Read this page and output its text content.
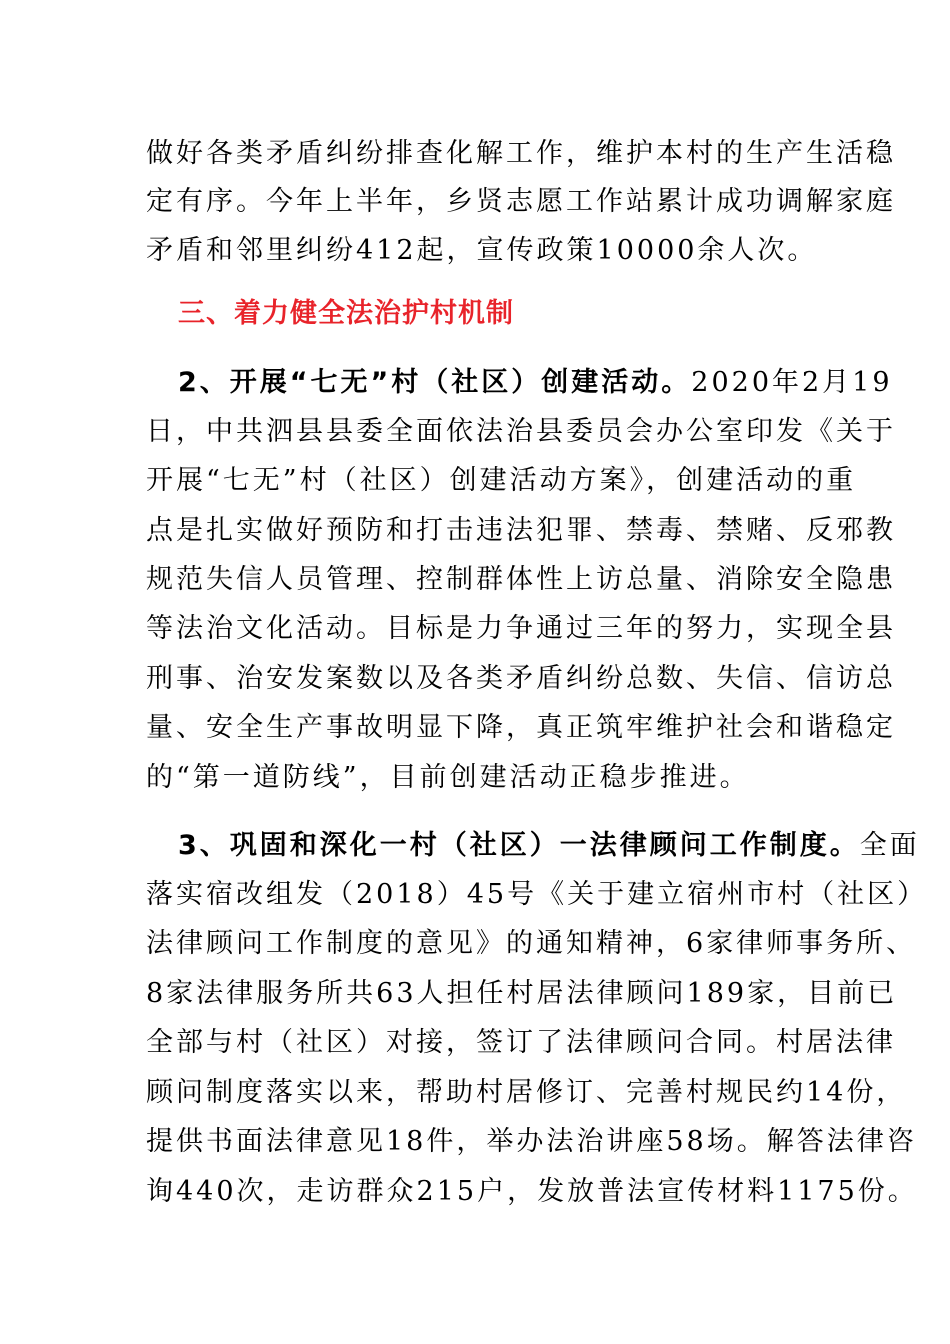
做好各类矛盾纠纷排查化解工作，维护本村的生产生活稳
定有序。今年上半年，乡贤志愿工作站累计成功调解家庭
矛盾和邻里纠纷412起，宣传政策10000余人次。
三、着力健全法治护村机制
2、开展“七无”村（社区）创建活动。2020年2月19
日，中共泗县县委全面依法治县委员会办公室印发《关于
开展“七无”村（社区）创建活动方案》，创建活动的重
点是扎实做好预防和打击违法犯罪、禁毒、禁赌、反邪教
规范失信人员管理、控制群体性上访总量、消除安全隐患
等法治文化活动。目标是力争通过三年的努力，实现全县
刑事、治安发案数以及各类矛盾纠纷总数、失信、信访总
量、安全生产事故明显下降，真正筑牢维护社会和谐稳定
的“第一道防线”，目前创建活动正稳步推进。
3、巩固和深化一村（社区）一法律顾问工作制度。全面
落实宿改组发（2018）45号《关于建立宿州市村（社区）
法律顾问工作制度的意见》的通知精神，6家律师事务所、
8家法律服务所共63人担任村居法律顾问189家，目前已
全部与村（社区）对接，签订了法律顾问合同。村居法律
顾问制度落实以来，帮助村居修订、完善村规民约14份，
提供书面法律意见18件，举办法治讲座58场。解答法律咨
询440次，走访群众215户，发放普法宣传材料1175份。
